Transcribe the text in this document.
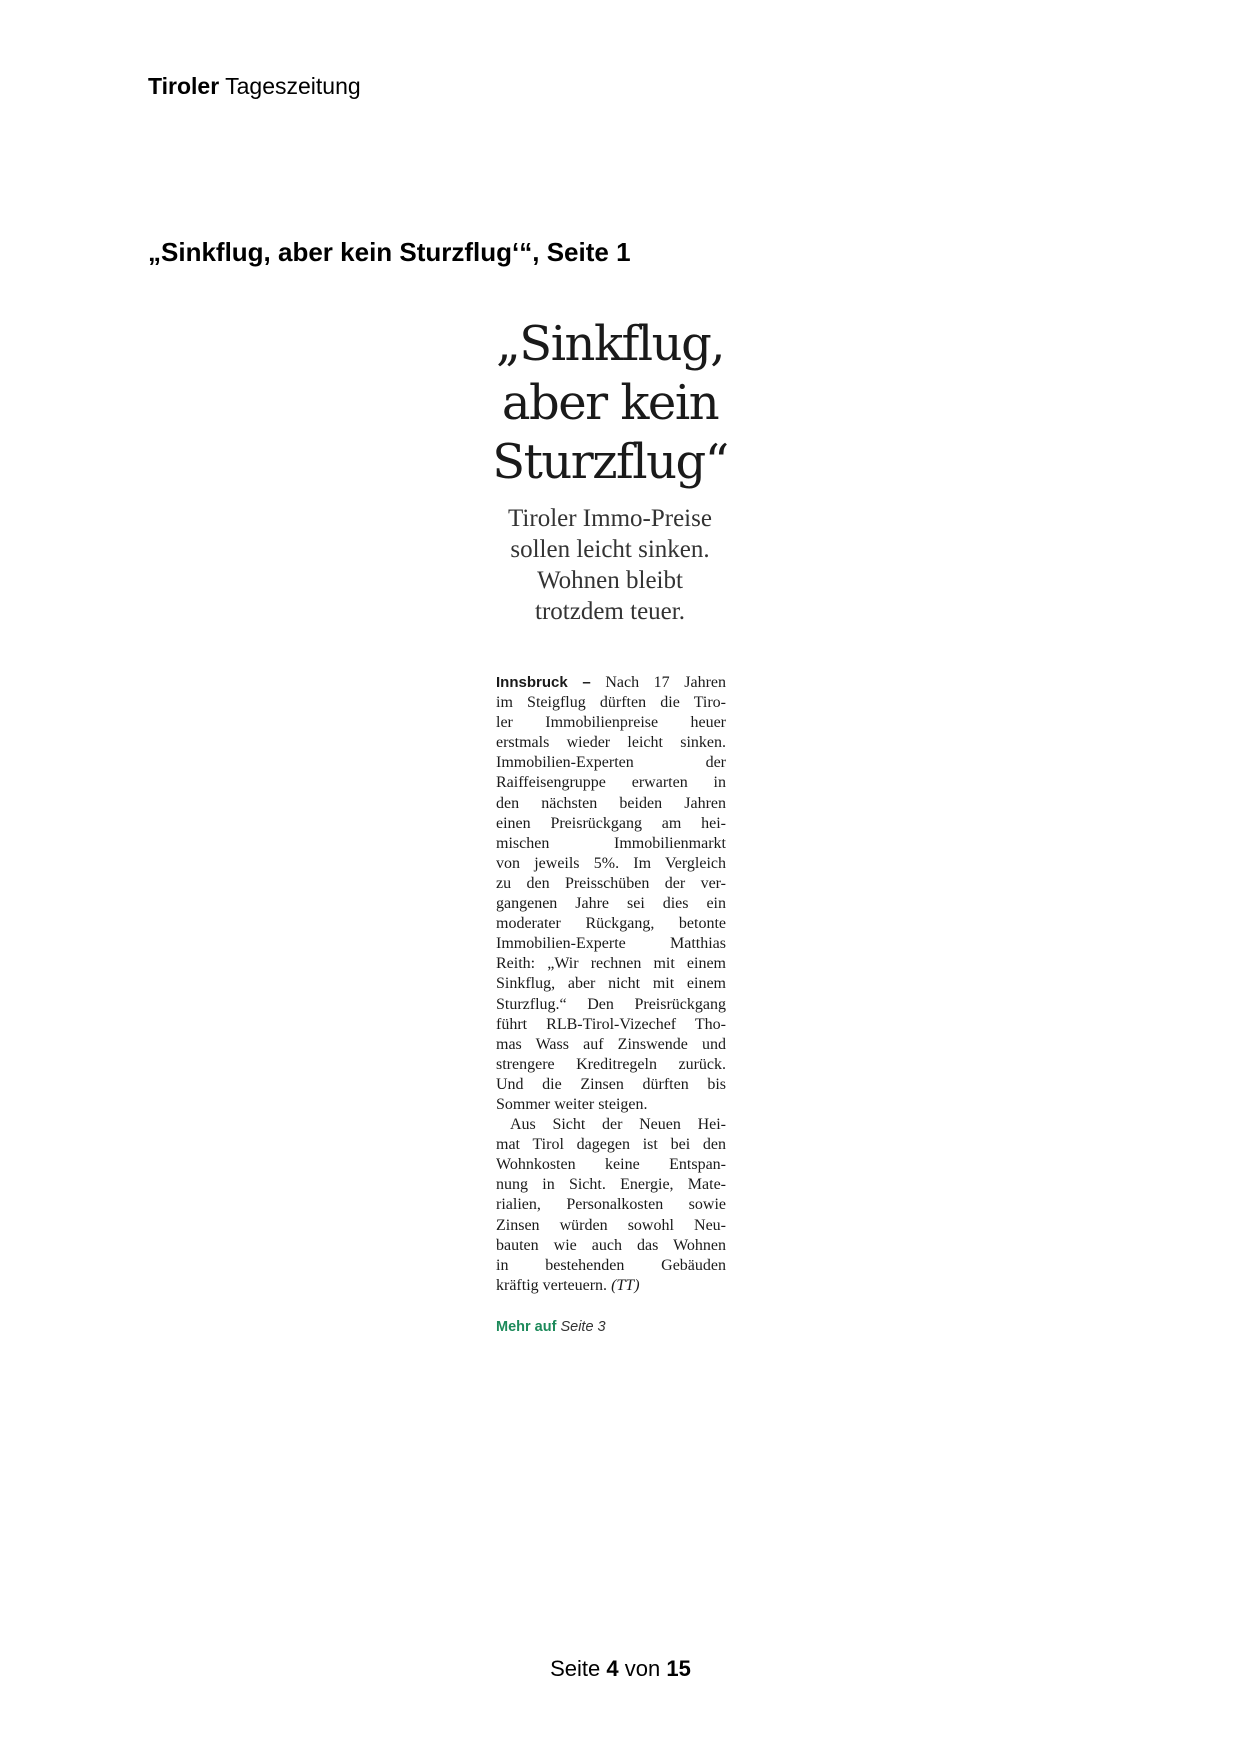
Tiroler Tageszeitung
„Sinkflug, aber kein Sturzflug‘“, Seite 1
„Sinkflug,
aber kein
Sturzflug“
Tiroler Immo-Preise
sollen leicht sinken.
Wohnen bleibt
trotzdem teuer.
Innsbruck – Nach 17 Jahren
im Steigflug dürften die Tiro-
ler Immobilienpreise heuer
erstmals wieder leicht sinken.
Immobilien-Experten der
Raiffeisengruppe erwarten in
den nächsten beiden Jahren
einen Preisrückgang am hei-
mischen Immobilienmarkt
von jeweils 5%. Im Vergleich
zu den Preisschüben der ver-
gangenen Jahre sei dies ein
moderater Rückgang, betonte
Immobilien-Experte Matthias
Reith: „Wir rechnen mit einem
Sinkflug, aber nicht mit einem
Sturzflug.“ Den Preisrückgang
führt RLB-Tirol-Vizechef Tho-
mas Wass auf Zinswende und
strengere Kreditregeln zurück.
Und die Zinsen dürften bis
Sommer weiter steigen.
Aus Sicht der Neuen Hei-
mat Tirol dagegen ist bei den
Wohnkosten keine Entspan-
nung in Sicht. Energie, Mate-
rialien, Personalkosten sowie
Zinsen würden sowohl Neu-
bauten wie auch das Wohnen
in bestehenden Gebäuden
kräftig verteuern. (TT)
Mehr auf Seite 3
Seite 4 von 15
